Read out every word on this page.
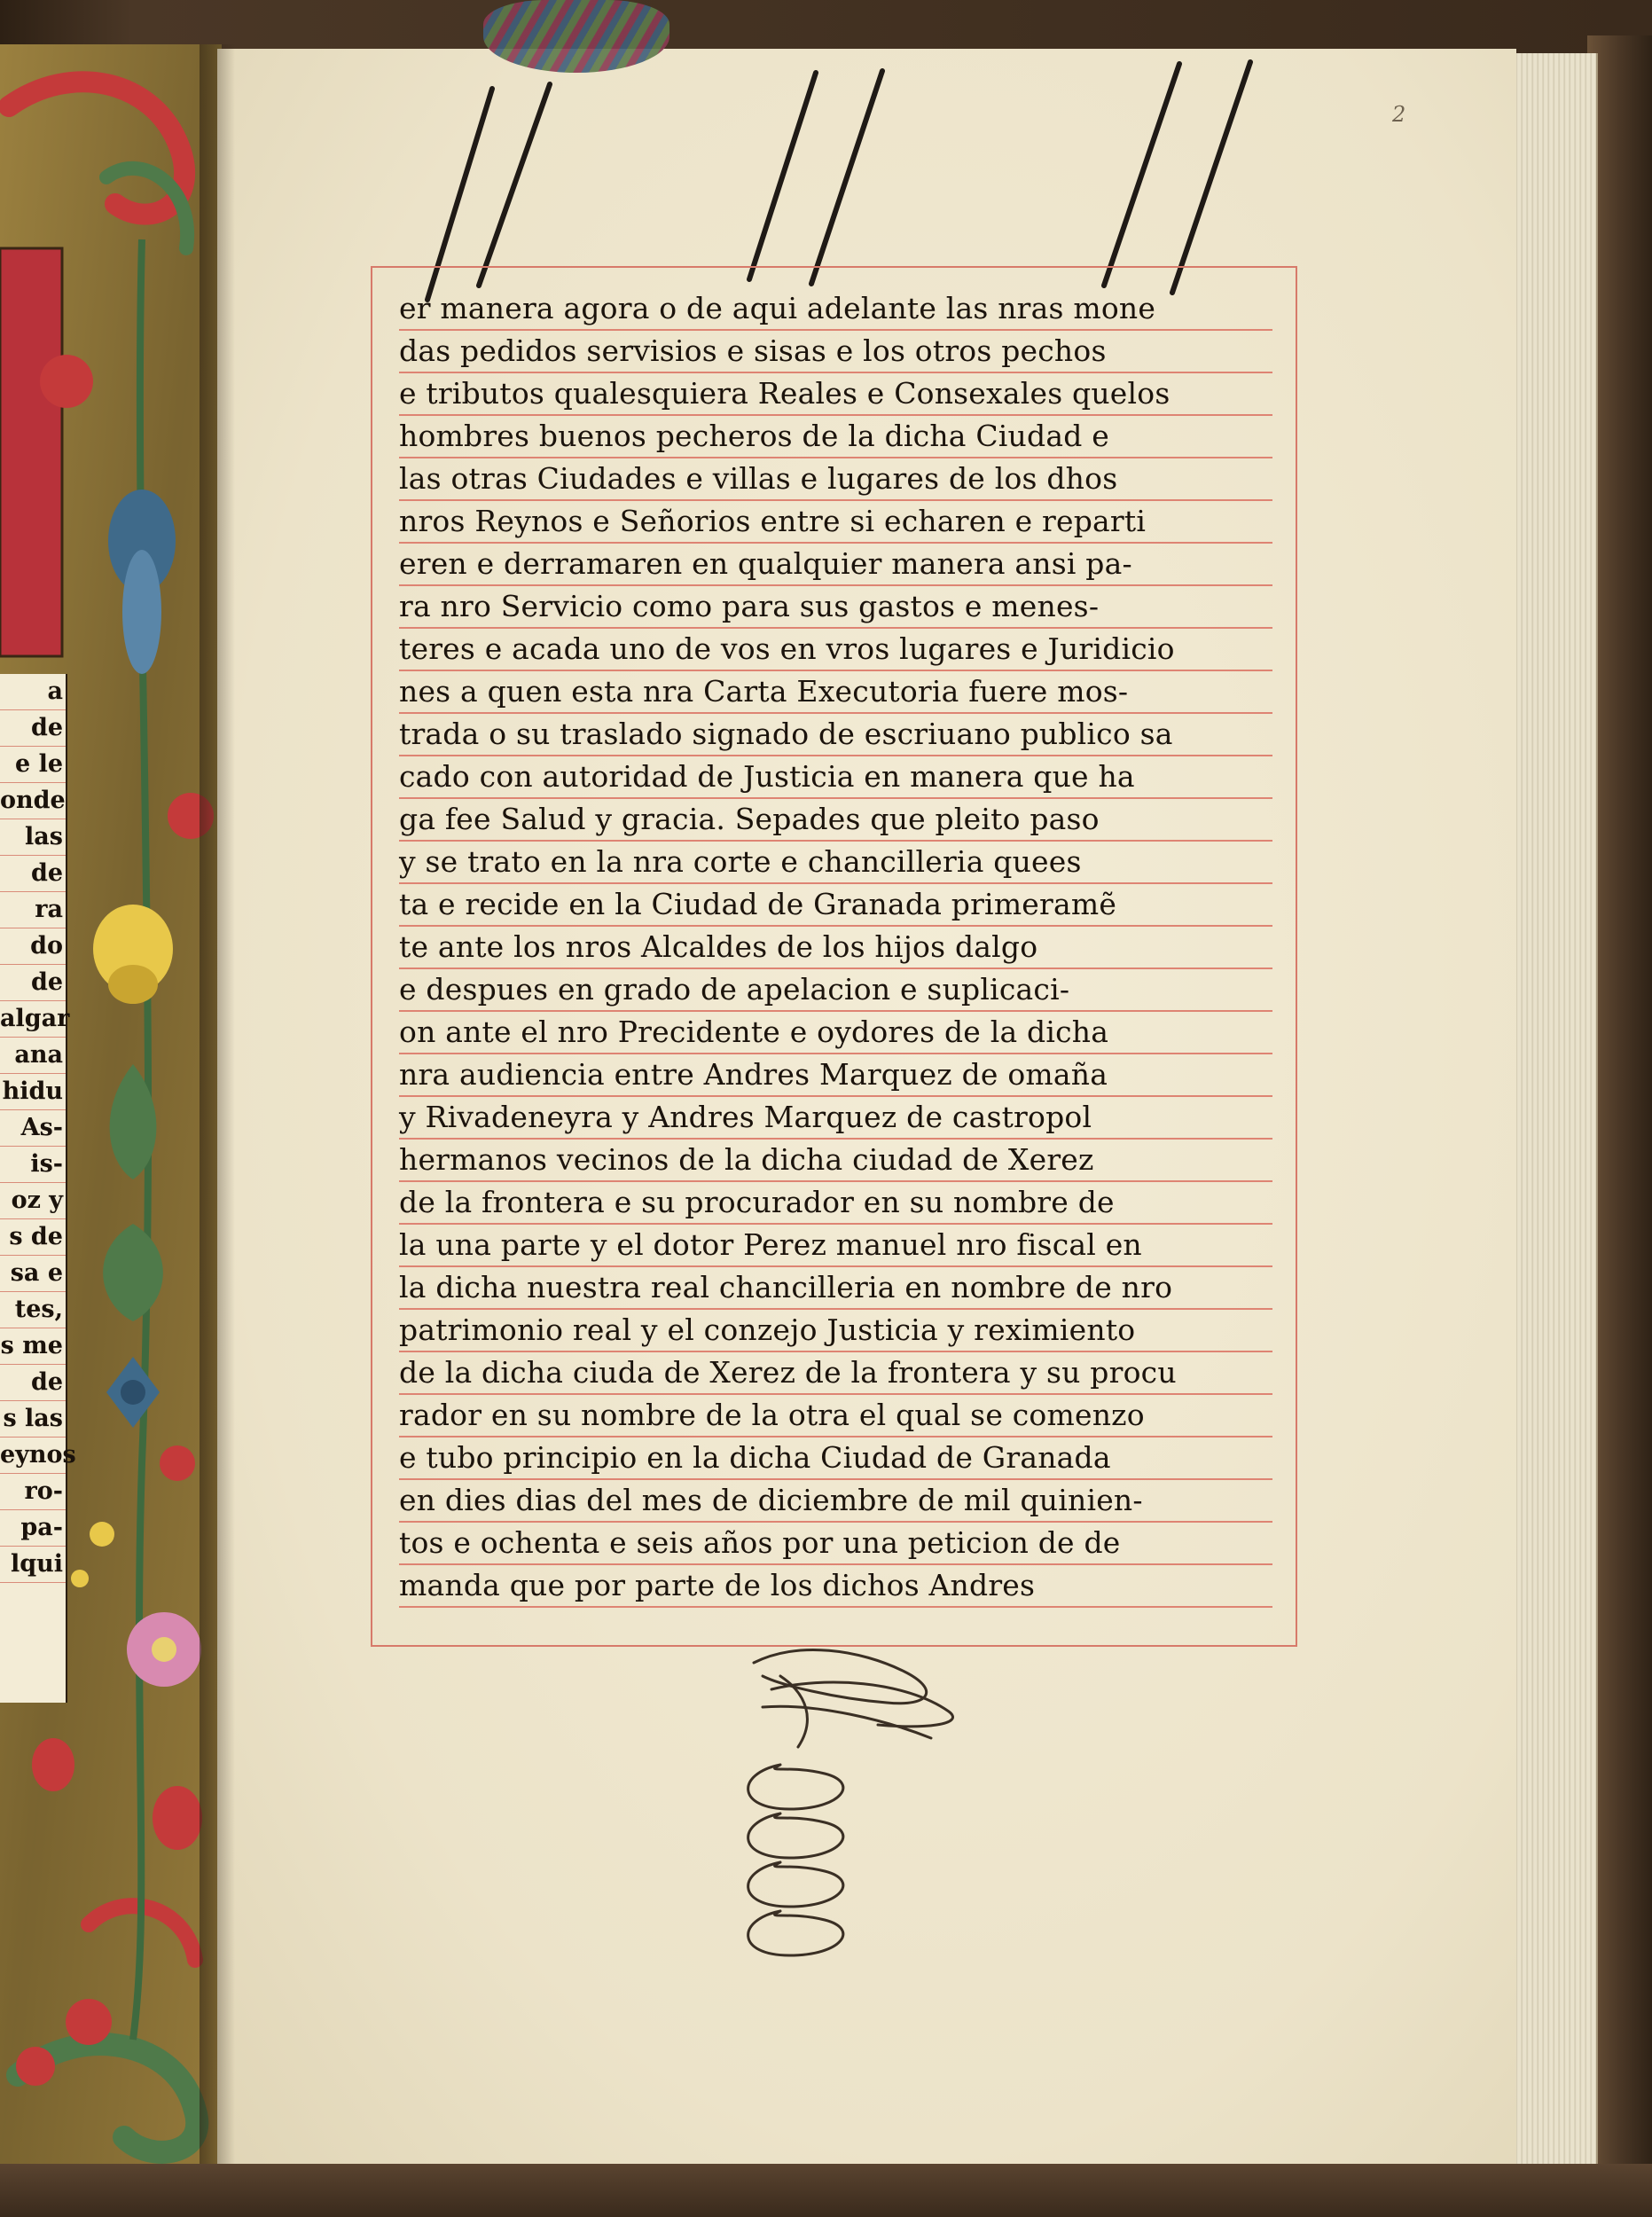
a
de
e le
onde
las
de
ra
do
de
algar
ana
hidu
As-
is-
oz y
s de
sa e
tes,
s me
de
s las
eynos
ro-
pa-
lqui
2
er manera agora o de aqui adelante las nras mone
das pedidos servisios e sisas e los otros pechos
e tributos qualesquiera Reales e Consexales quelos
hombres buenos pecheros de la dicha Ciudad e
las otras Ciudades e villas e lugares de los dhos
nros Reynos e Señorios entre si echaren e reparti
eren e derramaren en qualquier manera ansi pa-
ra nro Servicio como para sus gastos e menes-
teres e acada uno de vos en vros lugares e Juridicio
nes a quen esta nra Carta Executoria fuere mos-
trada o su traslado signado de escriuano publico sa
cado con autoridad de Justicia en manera que ha
ga fee Salud y gracia. Sepades que pleito paso
y se trato en la nra corte e chancilleria quees
ta e recide en la Ciudad de Granada primeramẽ
te ante los nros Alcaldes de los hijos dalgo
e despues en grado de apelacion e suplicaci-
on ante el nro Precidente e oydores de la dicha
nra audiencia entre Andres Marquez de omaña
y Rivadeneyra y Andres Marquez de castropol
hermanos vecinos de la dicha ciudad de Xerez
de la frontera e su procurador en su nombre de
la una parte y el dotor Perez manuel nro fiscal en
la dicha nuestra real chancilleria en nombre de nro
patrimonio real y el conzejo Justicia y reximiento
de la dicha ciuda de Xerez de la frontera y su procu
rador en su nombre de la otra el qual se comenzo
e tubo principio en la dicha Ciudad de Granada
en dies dias del mes de diciembre de mil quinien-
tos e ochenta e seis años por una peticion de de
manda que por parte de los dichos Andres
